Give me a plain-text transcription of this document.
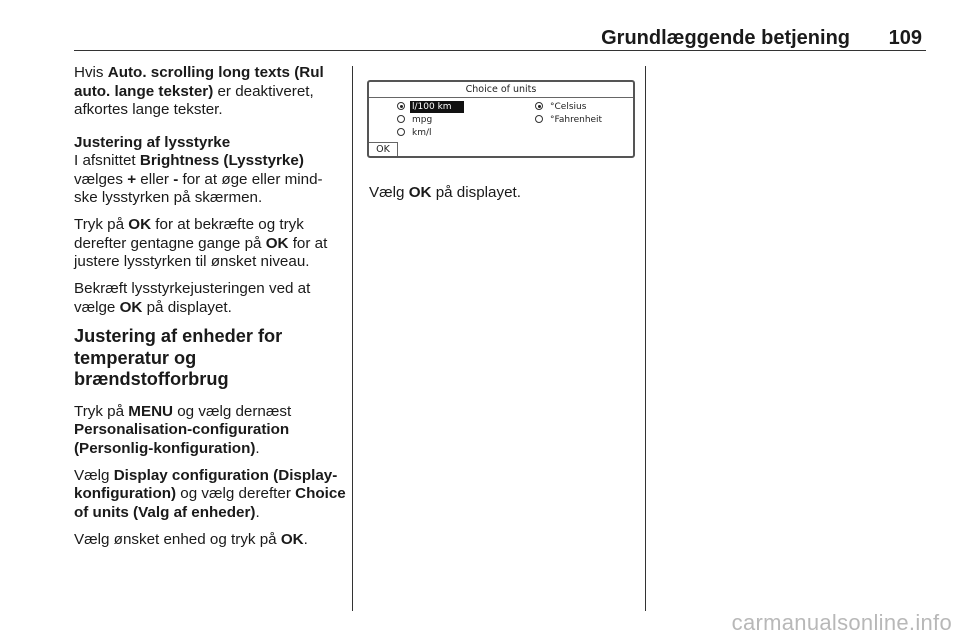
Grundlæggende betjening 109

Hvis Auto. scrolling long texts (Rul auto. lange tekster) er deaktiveret, afkortes lange tekster.

Justering af lysstyrke

I afsnittet Brightness (Lysstyrke) vælges + eller - for at øge eller mind‐ske lysstyrken på skærmen.

Tryk på OK for at bekræfte og tryk derefter gentagne gange på OK for at justere lysstyrken til ønsket niveau.

Bekræft lysstyrkejusteringen ved at vælge OK på displayet.

Justering af enheder for temperatur og brændstofforbrug

Tryk på MENU og vælg dernæst Personalisation-configuration (Personlig-konfiguration).

Vælg Display configuration (Display-konfiguration) og vælg derefter Choice of units (Valg af enheder).

Vælg ønsket enhed og tryk på OK.

Choice of units
l/100 km
mpg
km/l
°Celsius
°Fahrenheit
OK
Vælg OK på displayet.
carmanualsonline.info
